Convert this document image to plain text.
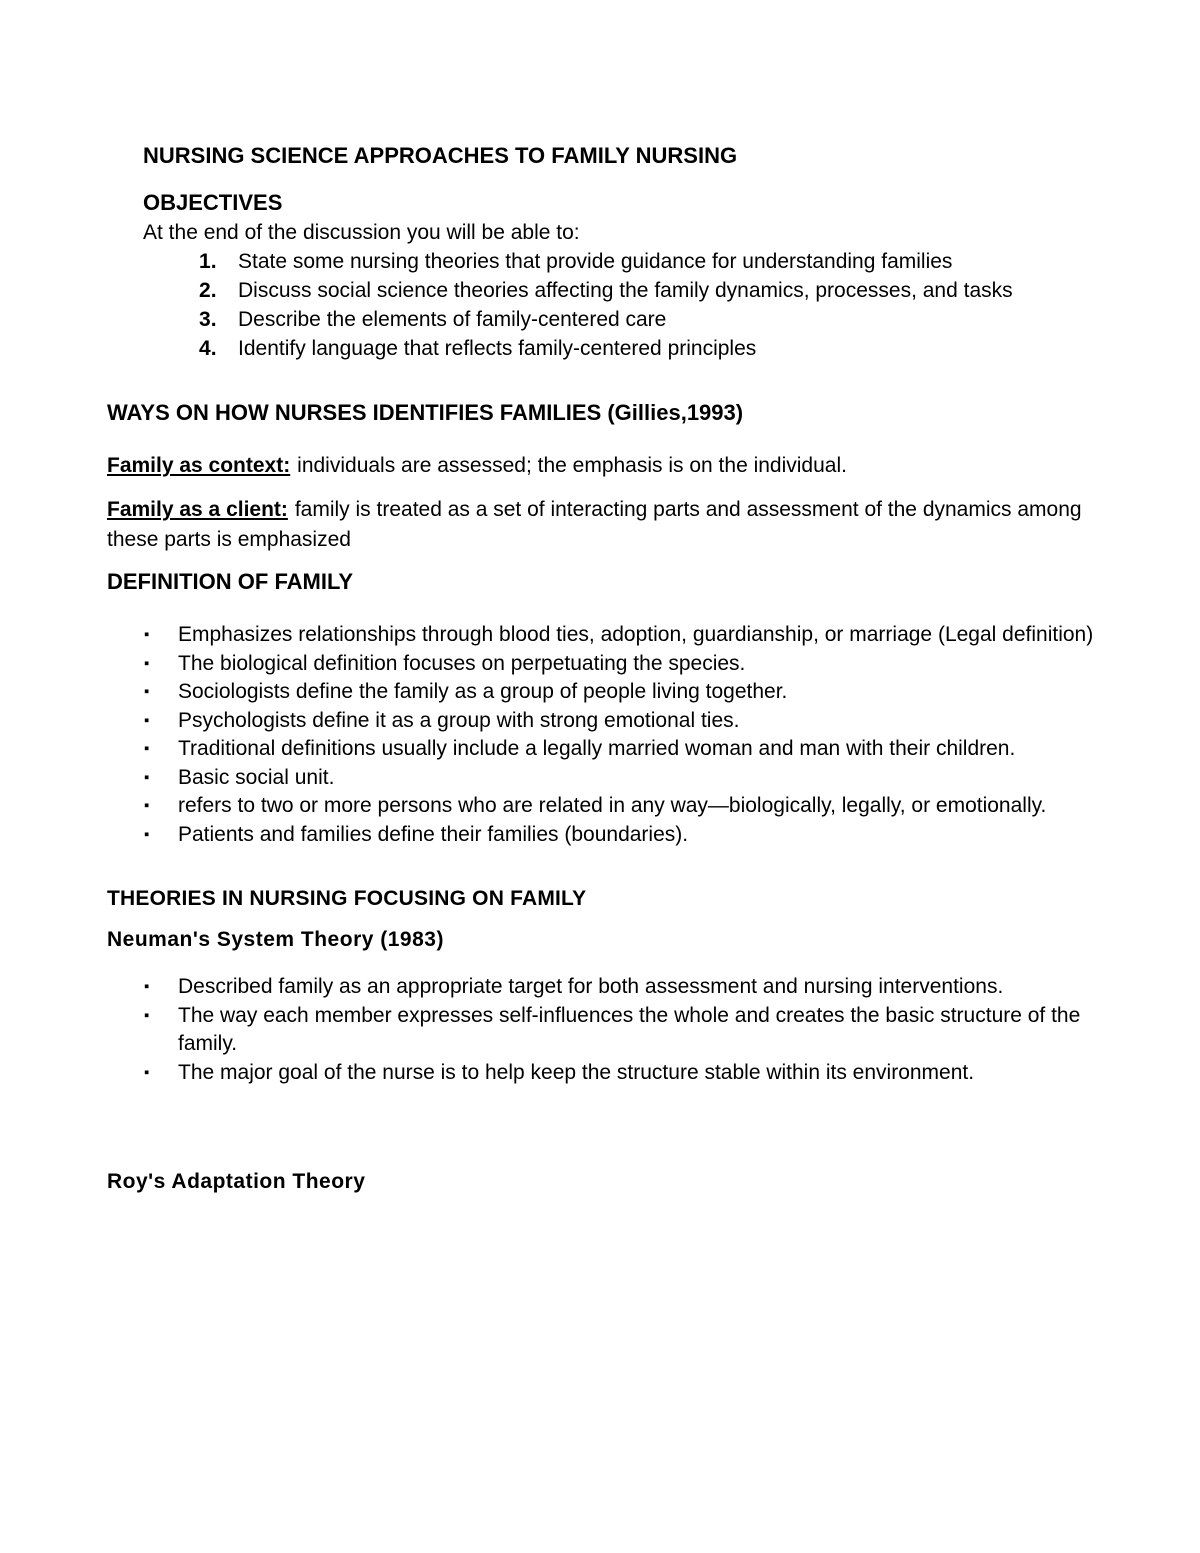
NURSING SCIENCE APPROACHES TO FAMILY NURSING
OBJECTIVES

At the end of the discussion you will be able to:

State some nursing theories that provide guidance for understanding families
Discuss social science theories affecting the family dynamics, processes, and tasks
Describe the elements of family-centered care
Identify language that reflects family-centered principles
WAYS ON HOW NURSES IDENTIFIES FAMILIES (Gillies,1993)

Family as context: individuals are assessed; the emphasis is on the individual.

Family as a client: family is treated as a set of interacting parts and assessment of the dynamics among these parts is emphasized

DEFINITION OF FAMILY
▪ Emphasizes relationships through blood ties, adoption, guardianship, or marriage (Legal definition)
▪ The biological definition focuses on perpetuating the species.
▪ Sociologists define the family as a group of people living together.
▪ Psychologists define it as a group with strong emotional ties.
▪ Traditional definitions usually include a legally married woman and man with their children.
▪ Basic social unit.
▪ refers to two or more persons who are related in any way—biologically, legally, or emotionally.
▪ Patients and families define their families (boundaries).
THEORIES IN NURSING FOCUSING ON FAMILY
Neuman's System Theory (1983)
▪ Described family as an appropriate target for both assessment and nursing interventions.
▪ The way each member expresses self-influences the whole and creates the basic structure of the family.
▪ The major goal of the nurse is to help keep the structure stable within its environment.
Roy's Adaptation Theory
